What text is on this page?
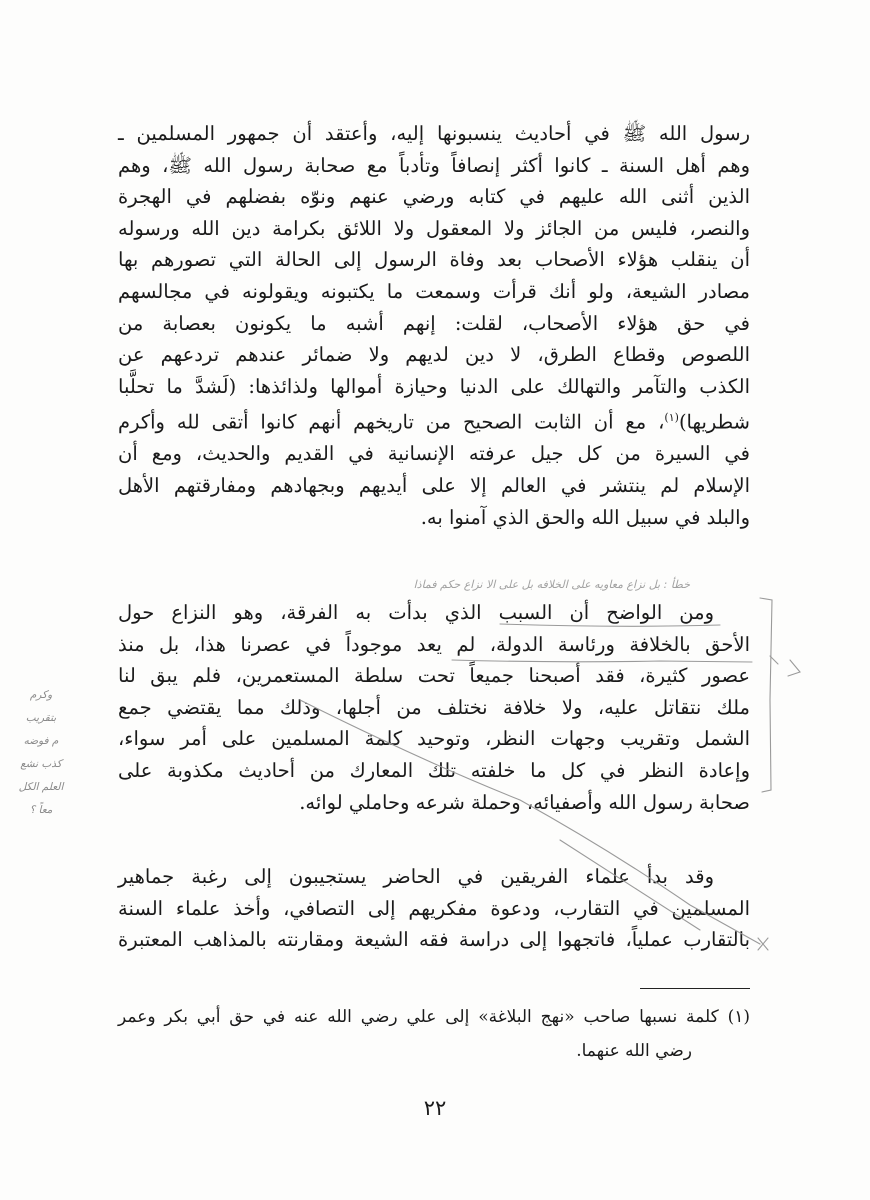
رسول الله ﷺ في أحاديث ينسبونها إليه، وأعتقد أن جمهور المسلمين ـ
وهم أهل السنة ـ كانوا أكثر إنصافاً وتأدباً مع صحابة رسول الله ﷺ، وهم
الذين أثنى الله عليهم في كتابه ورضي عنهم ونوّه بفضلهم في الهجرة
والنصر، فليس من الجائز ولا المعقول ولا اللائق بكرامة دين الله ورسوله
أن ينقلب هؤلاء الأصحاب بعد وفاة الرسول إلى الحالة التي تصورهم بها
مصادر الشيعة، ولو أنك قرأت وسمعت ما يكتبونه ويقولونه في مجالسهم
في حق هؤلاء الأصحاب، لقلت: إنهم أشبه ما يكونون بعصابة من
اللصوص وقطاع الطرق، لا دين لديهم ولا ضمائر عندهم تردعهم عن
الكذب والتآمر والتهالك على الدنيا وحيازة أموالها ولذائذها: (لَشدَّ ما تحلَّبا
شطريها)$^{(١)}$، مع أن الثابت الصحيح من تاريخهم أنهم كانوا أتقى لله وأكرم
في السيرة من كل جيل عرفته الإنسانية في القديم والحديث، ومع أن
الإسلام لم ينتشر في العالم إلا على أيديهم وبجهادهم ومفارقتهم الأهل
والبلد في سبيل الله والحق الذي آمنوا به.
ومن الواضح أن السبب الذي بدأت به الفرقة، وهو النزاع حول
الأحق بالخلافة ورئاسة الدولة، لم يعد موجوداً في عصرنا هذا، بل منذ
عصور كثيرة، فقد أصبحنا جميعاً تحت سلطة المستعمرين، فلم يبق لنا
ملك نتقاتل عليه، ولا خلافة نختلف من أجلها، وذلك مما يقتضي جمع
الشمل وتقريب وجهات النظر، وتوحيد كلمة المسلمين على أمر سواء،
وإعادة النظر في كل ما خلفته تلك المعارك من أحاديث مكذوبة على
صحابة رسول الله وأصفيائه، وحملة شرعه وحاملي لوائه.
وقد بدأ علماء الفريقين في الحاضر يستجيبون إلى رغبة جماهير
المسلمين في التقارب، ودعوة مفكريهم إلى التصافي، وأخذ علماء السنة
بالتقارب عملياً، فاتجهوا إلى دراسة فقه الشيعة ومقارنته بالمذاهب المعتبرة
(١) كلمة نسبها صاحب «نهج البلاغة» إلى علي رضي الله عنه في حق أبي بكر وعمر
رضي الله عنهما.
٢٢
خطأ : بل نزاع معاويه على الخلافه بل على الا نزاع حكم فماذا
وكرم
بتقريب
م فوضه
كذب نشع
العلم الكل
معاً ؟
